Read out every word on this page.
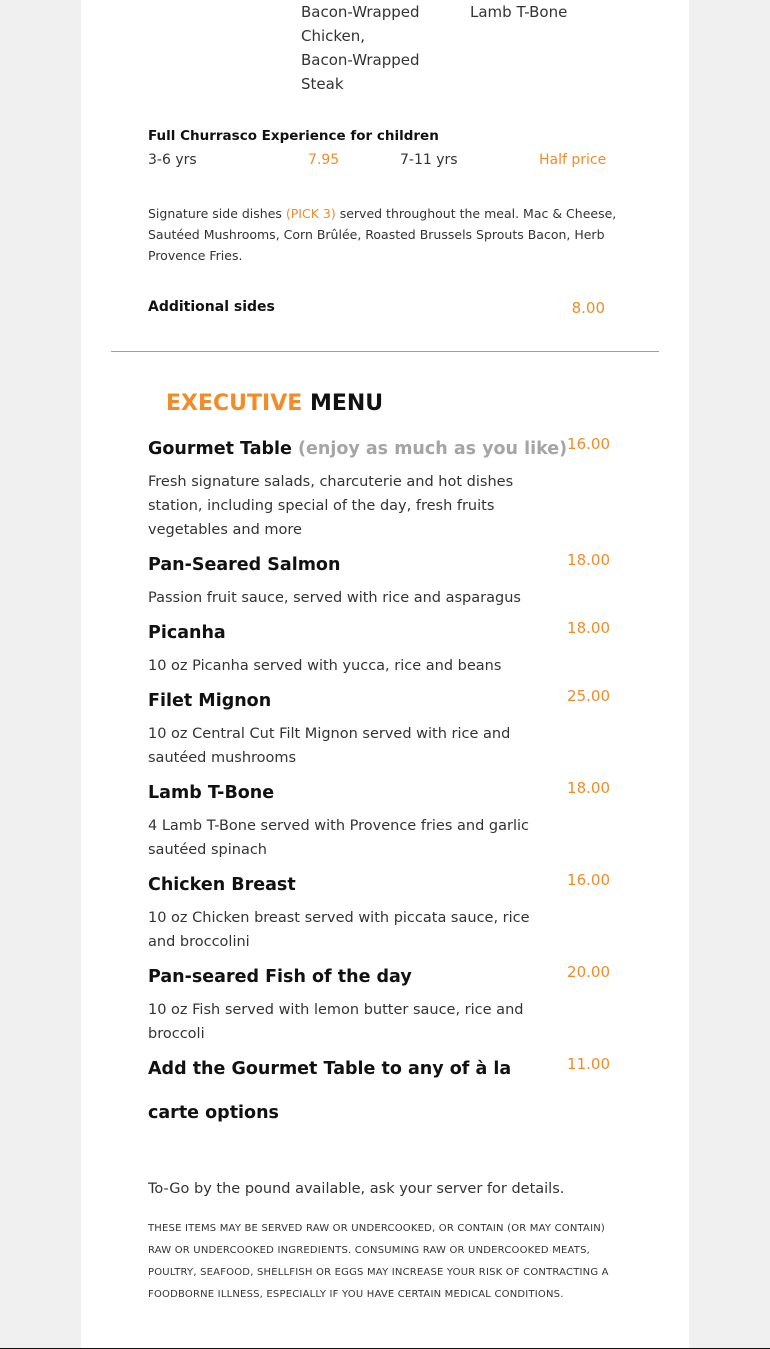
Bacon-Wrapped
Chicken,
Bacon-Wrapped
Steak
Lamb T-Bone
Full Churrasco Experience for children
3-6 yrs	7.95	7-11 yrs	Half price
Signature side dishes (PICK 3) served throughout the meal. Mac & Cheese, Sautéed Mushrooms, Corn Brûlée, Roasted Brussels Sprouts Bacon, Herb Provence Fries.
Additional sides	8.00
EXECUTIVE MENU
Gourmet Table (enjoy as much as you like) 16.00
Fresh signature salads, charcuterie and hot dishes station, including special of the day, fresh fruits vegetables and more
Pan-Seared Salmon	18.00
Passion fruit sauce, served with rice and asparagus
Picanha	18.00
10 oz Picanha served with yucca, rice and beans
Filet Mignon	25.00
10 oz Central Cut Filt Mignon served with rice and sautéed mushrooms
Lamb T-Bone	18.00
4 Lamb T-Bone served with Provence fries and garlic sautéed spinach
Chicken Breast	16.00
10 oz Chicken breast served with piccata sauce, rice and broccolini
Pan-seared Fish of the day	20.00
10 oz Fish served with lemon butter sauce, rice and broccoli
Add the Gourmet Table to any of à la
carte options
11.00
To-Go by the pound available, ask your server for details.
THESE ITEMS MAY BE SERVED RAW OR UNDERCOOKED, OR CONTAIN (OR MAY CONTAIN) RAW OR UNDERCOOKED INGREDIENTS. CONSUMING RAW OR UNDERCOOKED MEATS, POULTRY, SEAFOOD, SHELLFISH OR EGGS MAY INCREASE YOUR RISK OF CONTRACTING A FOODBORNE ILLNESS, ESPECIALLY IF YOU HAVE CERTAIN MEDICAL CONDITIONS.
